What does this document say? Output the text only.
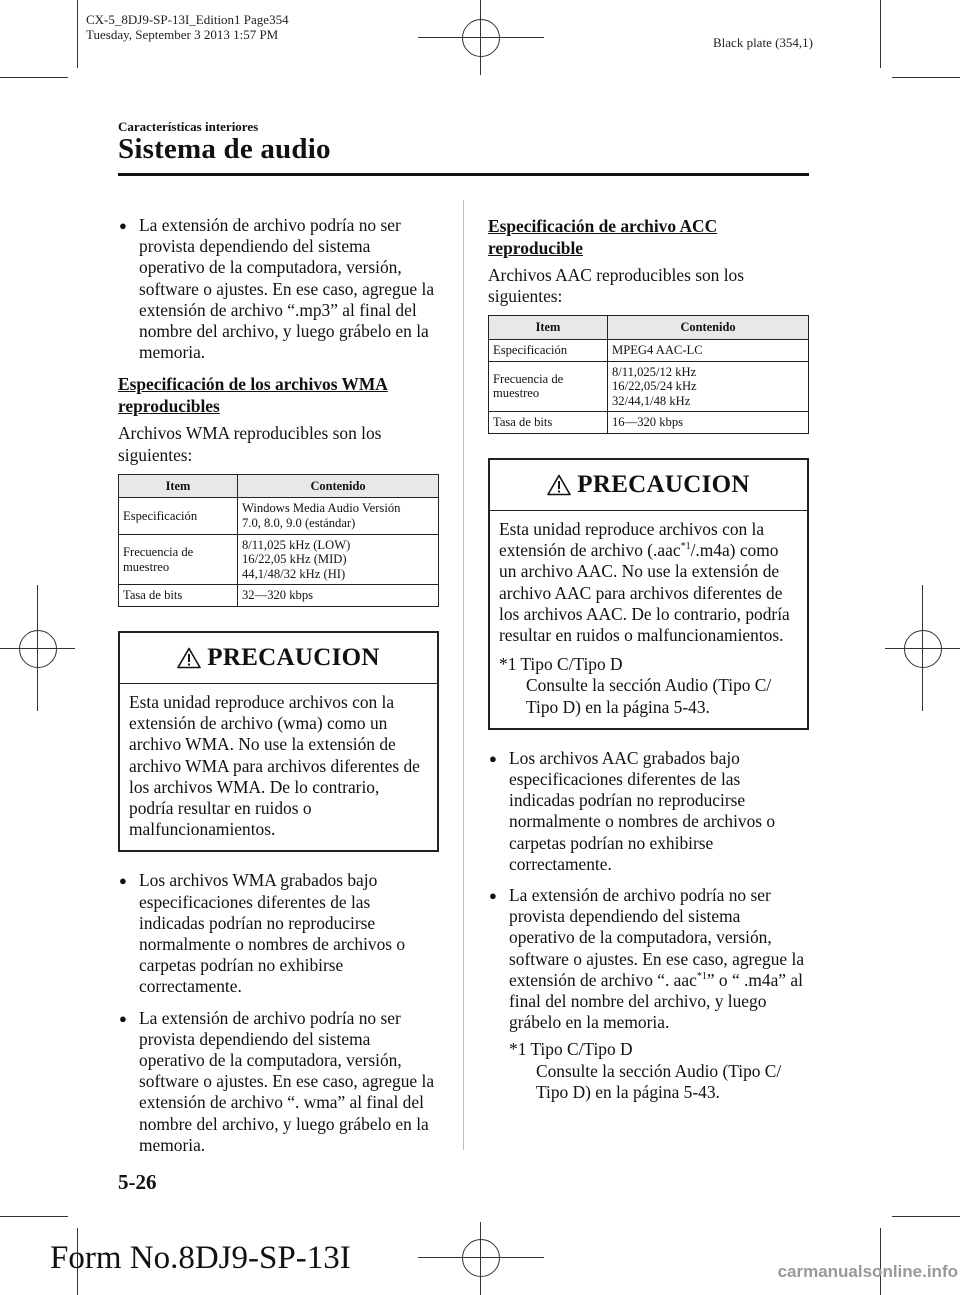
CX-5_8DJ9-SP-13I_Edition1 Page354
Tuesday, September 3 2013 1:57 PM
Black plate (354,1)
Características interiores
Sistema de audio
● La extensión de archivo podría no ser provista dependiendo del sistema operativo de la computadora, versión, software o ajustes. En ese caso, agregue la extensión de archivo “.mp3” al final del nombre del archivo, y luego grábelo en la memoria.
Especificación de los archivos WMA reproducibles
Archivos WMA reproducibles son los siguientes:
Item	Contenido
Especificación	Windows Media Audio Versión
7.0, 8.0, 9.0 (estándar)

Frecuencia de muestreo	8/11,025 kHz (LOW)
16/22,05 kHz (MID)
44,1/48/32 kHz (HI)

Tasa de bits	32―320 kbps
PRECAUCION
Esta unidad reproduce archivos con la extensión de archivo (wma) como un archivo WMA. No use la extensión de archivo WMA para archivos diferentes de los archivos WMA. De lo contrario, podría resultar en ruidos o malfuncionamientos.
● Los archivos WMA grabados bajo especificaciones diferentes de las indicadas podrían no reproducirse normalmente o nombres de archivos o carpetas podrían no exhibirse correctamente.
● La extensión de archivo podría no ser provista dependiendo del sistema operativo de la computadora, versión, software o ajustes. En ese caso, agregue la extensión de archivo “. wma” al final del nombre del archivo, y luego grábelo en la memoria.
Especificación de archivo ACC reproducible
Archivos AAC reproducibles son los siguientes:
Item	Contenido
Especificación	MPEG4 AAC-LC

Frecuencia de muestreo	8/11,025/12 kHz
16/22,05/24 kHz
32/44,1/48 kHz

Tasa de bits	16―320 kbps
PRECAUCION
Esta unidad reproduce archivos con la extensión de archivo (.aac$^{*1}$/.m4a) como un archivo AAC. No use la extensión de archivo AAC para archivos diferentes de los archivos AAC. De lo contrario, podría resultar en ruidos o malfuncionamientos.
*1 Tipo C/Tipo D
Consulte la sección Audio (Tipo C/ Tipo D) en la página 5-43.
● Los archivos AAC grabados bajo especificaciones diferentes de las indicadas podrían no reproducirse normalmente o nombres de archivos o carpetas podrían no exhibirse correctamente.
● La extensión de archivo podría no ser provista dependiendo del sistema operativo de la computadora, versión, software o ajustes. En ese caso, agregue la extensión de archivo “. aac$^{*1}$” o “ .m4a” al final del nombre del archivo, y luego grábelo en la memoria.
*1 Tipo C/Tipo D
Consulte la sección Audio (Tipo C/ Tipo D) en la página 5-43.
5-26
Form No.8DJ9-SP-13I	carmanualsonline.info
